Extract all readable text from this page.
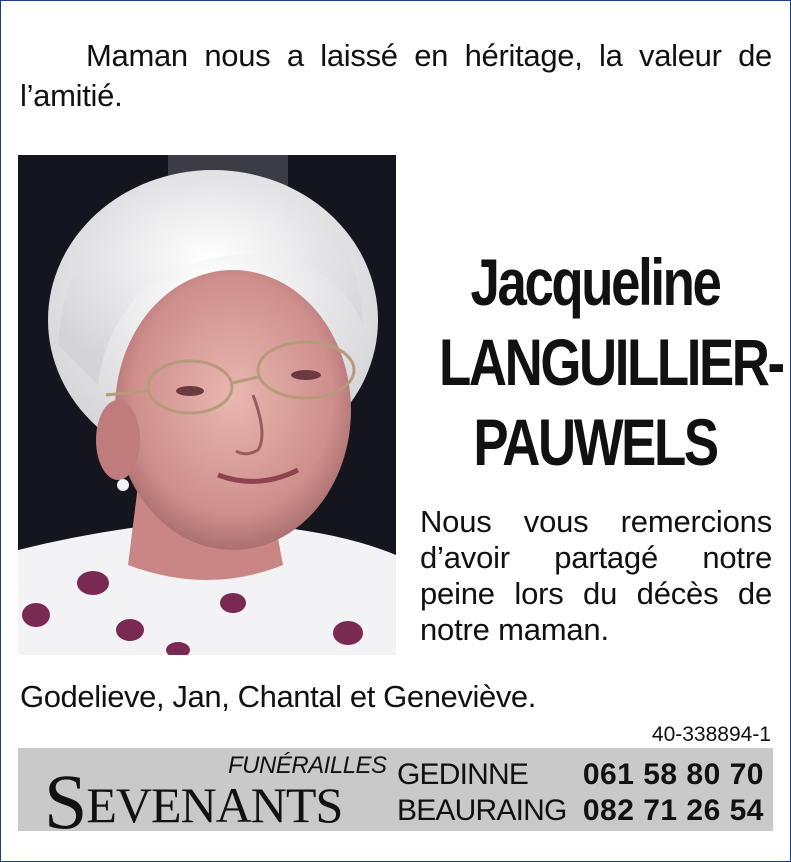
Maman nous a laissé en héritage, la valeur de l’amitié.
Jacqueline
LANGUILLIER-
PAUWELS
Nous vous remercions d’avoir partagé notre peine lors du décès de notre maman.
Godelieve, Jan, Chantal et Geneviève.
40-338894-1
FUNÉRAILLES
SEVENANTS
GEDINNE 061 58 80 70
BEAURAING 082 71 26 54
